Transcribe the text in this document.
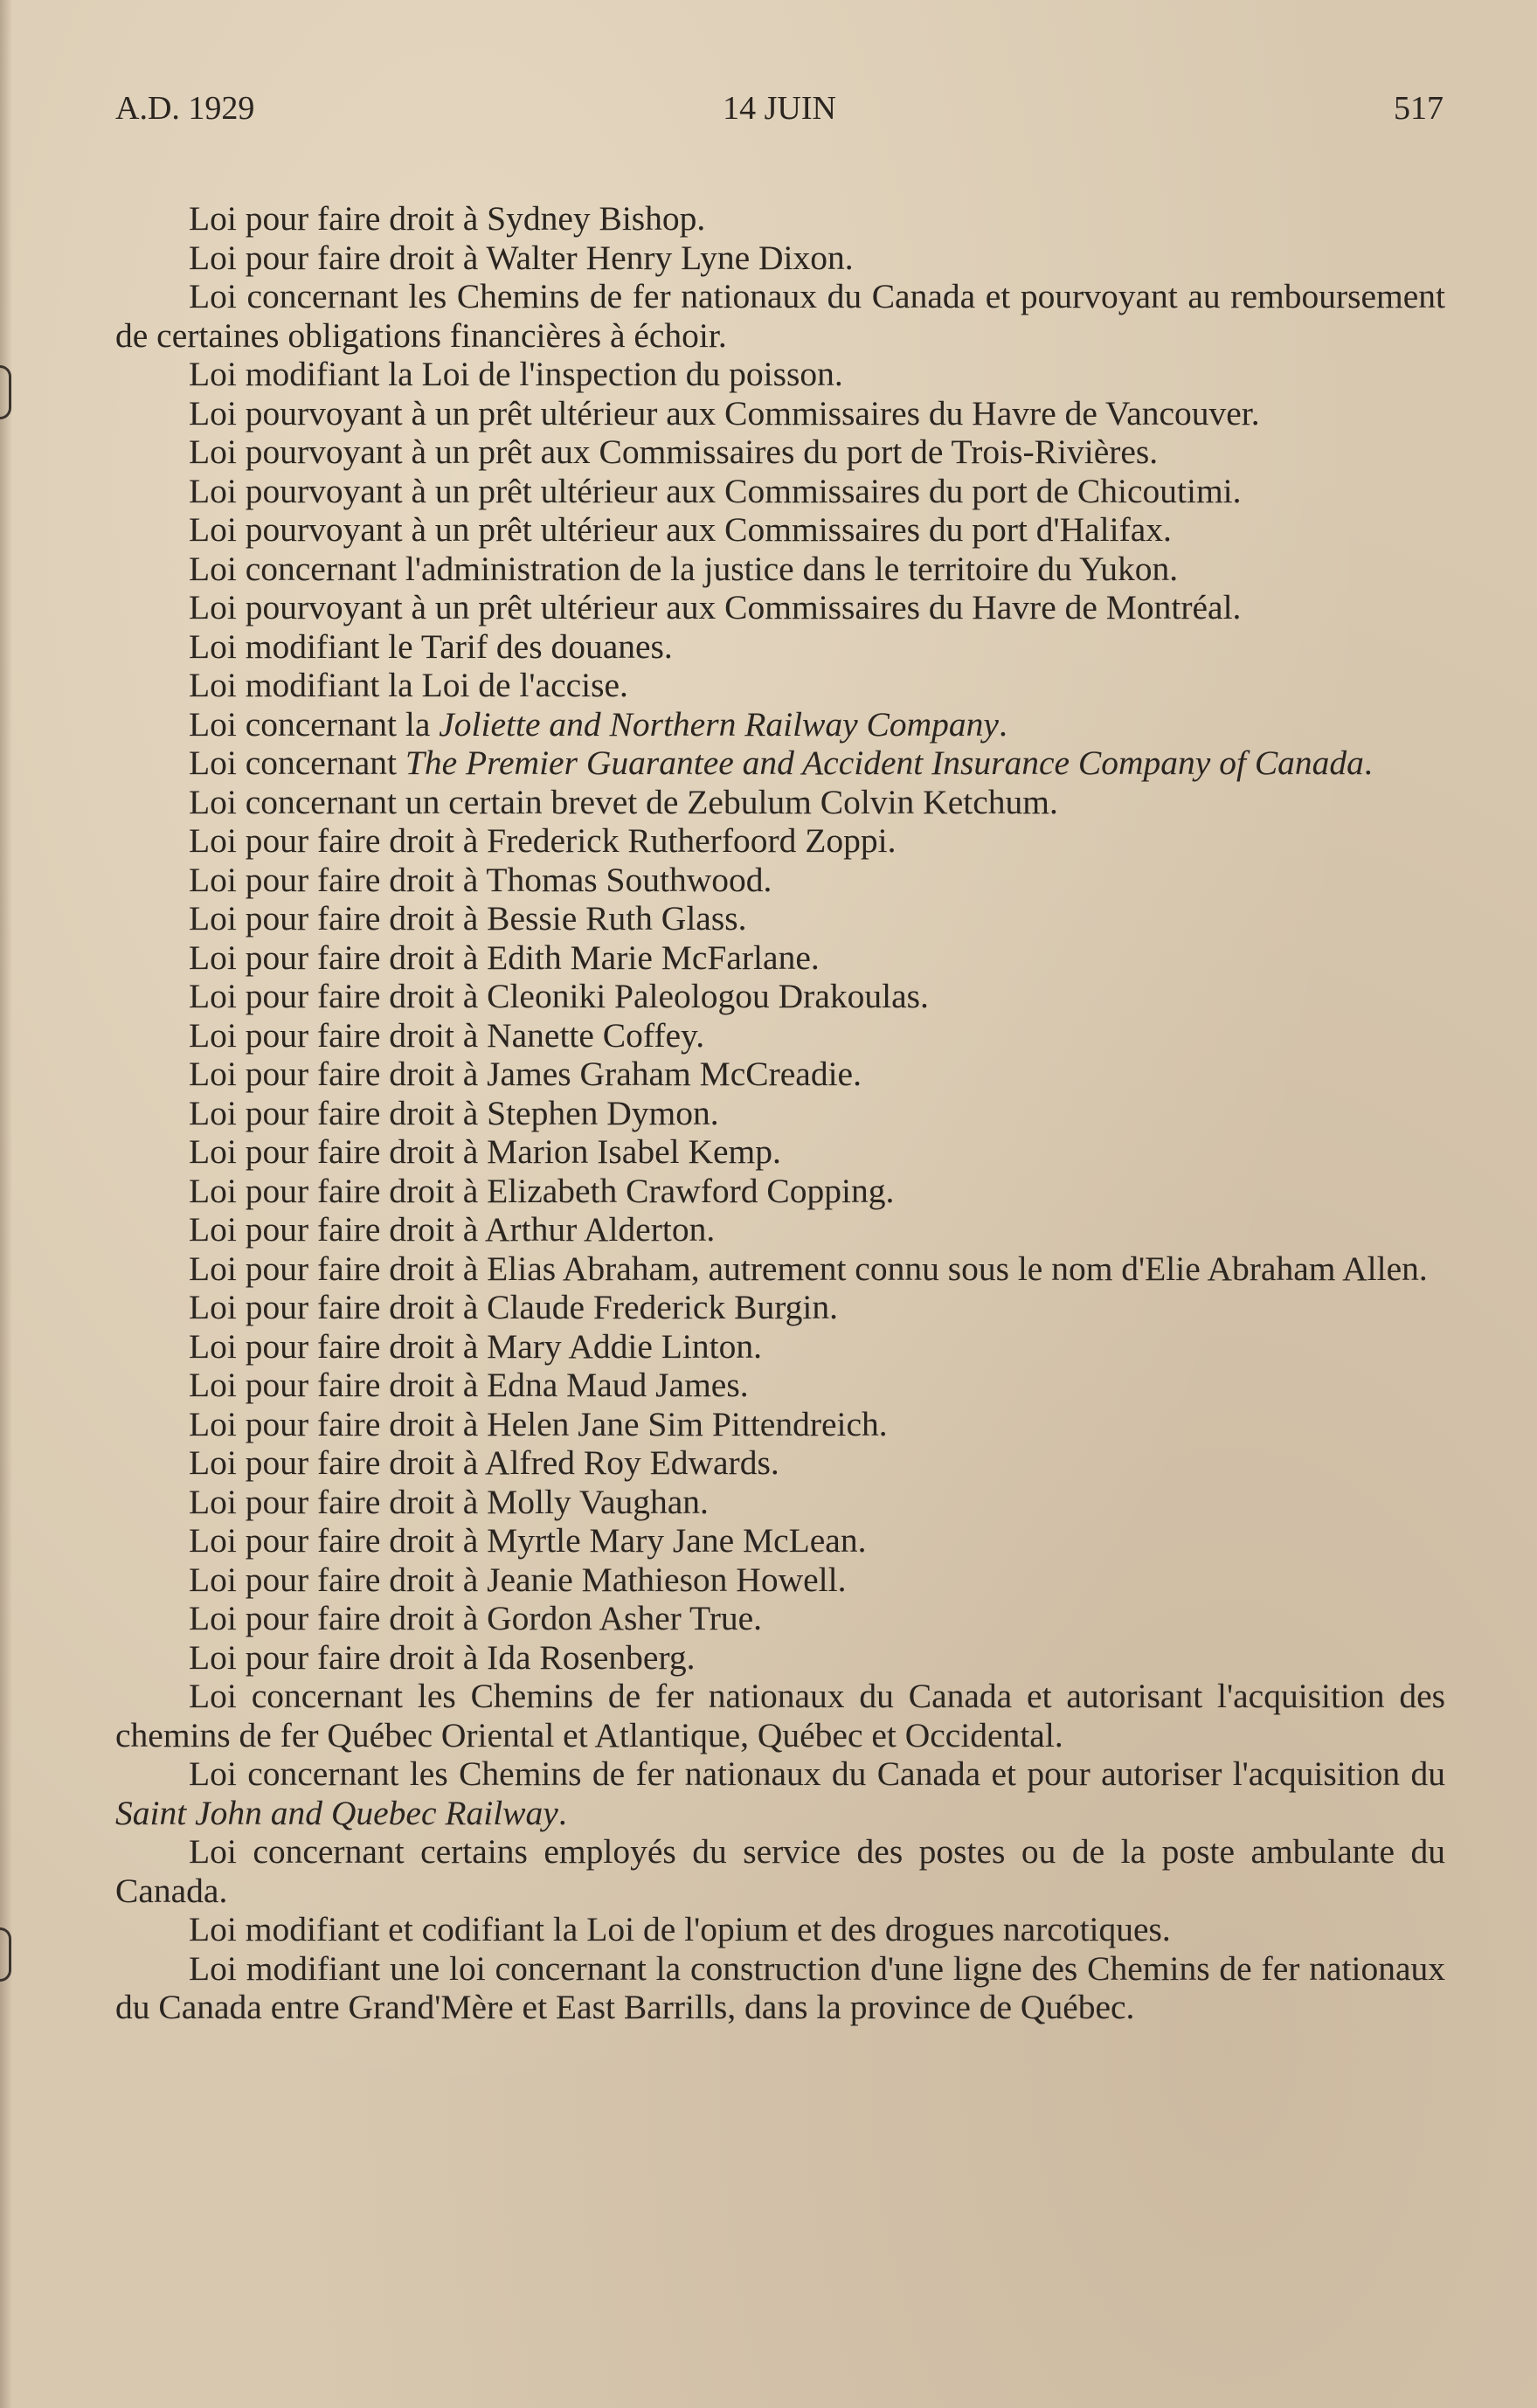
A.D. 1929	14 JUIN	517

Loi pour faire droit à Sydney Bishop.

Loi pour faire droit à Walter Henry Lyne Dixon.

Loi concernant les Chemins de fer nationaux du Canada et pourvoyant au remboursement de certaines obligations financières à échoir.

Loi modifiant la Loi de l'inspection du poisson.

Loi pourvoyant à un prêt ultérieur aux Commissaires du Havre de Vancouver.

Loi pourvoyant à un prêt aux Commissaires du port de Trois-Rivières.

Loi pourvoyant à un prêt ultérieur aux Commissaires du port de Chicoutimi.

Loi pourvoyant à un prêt ultérieur aux Commissaires du port d'Halifax.

Loi concernant l'administration de la justice dans le territoire du Yukon.

Loi pourvoyant à un prêt ultérieur aux Commissaires du Havre de Montréal.

Loi modifiant le Tarif des douanes.

Loi modifiant la Loi de l'accise.

Loi concernant la Joliette and Northern Railway Company.

Loi concernant The Premier Guarantee and Accident Insurance Company of Canada.

Loi concernant un certain brevet de Zebulum Colvin Ketchum.

Loi pour faire droit à Frederick Rutherfoord Zoppi.

Loi pour faire droit à Thomas Southwood.

Loi pour faire droit à Bessie Ruth Glass.

Loi pour faire droit à Edith Marie McFarlane.

Loi pour faire droit à Cleoniki Paleologou Drakoulas.

Loi pour faire droit à Nanette Coffey.

Loi pour faire droit à James Graham McCreadie.

Loi pour faire droit à Stephen Dymon.

Loi pour faire droit à Marion Isabel Kemp.

Loi pour faire droit à Elizabeth Crawford Copping.

Loi pour faire droit à Arthur Alderton.

Loi pour faire droit à Elias Abraham, autrement connu sous le nom d'Elie Abraham Allen.

Loi pour faire droit à Claude Frederick Burgin.

Loi pour faire droit à Mary Addie Linton.

Loi pour faire droit à Edna Maud James.

Loi pour faire droit à Helen Jane Sim Pittendreich.

Loi pour faire droit à Alfred Roy Edwards.

Loi pour faire droit à Molly Vaughan.

Loi pour faire droit à Myrtle Mary Jane McLean.

Loi pour faire droit à Jeanie Mathieson Howell.

Loi pour faire droit à Gordon Asher True.

Loi pour faire droit à Ida Rosenberg.

Loi concernant les Chemins de fer nationaux du Canada et autorisant l'acquisition des chemins de fer Québec Oriental et Atlantique, Québec et Occidental.

Loi concernant les Chemins de fer nationaux du Canada et pour autoriser l'acquisition du Saint John and Quebec Railway.

Loi concernant certains employés du service des postes ou de la poste ambulante du Canada.

Loi modifiant et codifiant la Loi de l'opium et des drogues narcotiques.

Loi modifiant une loi concernant la construction d'une ligne des Chemins de fer nationaux du Canada entre Grand'Mère et East Barrills, dans la province de Québec.
